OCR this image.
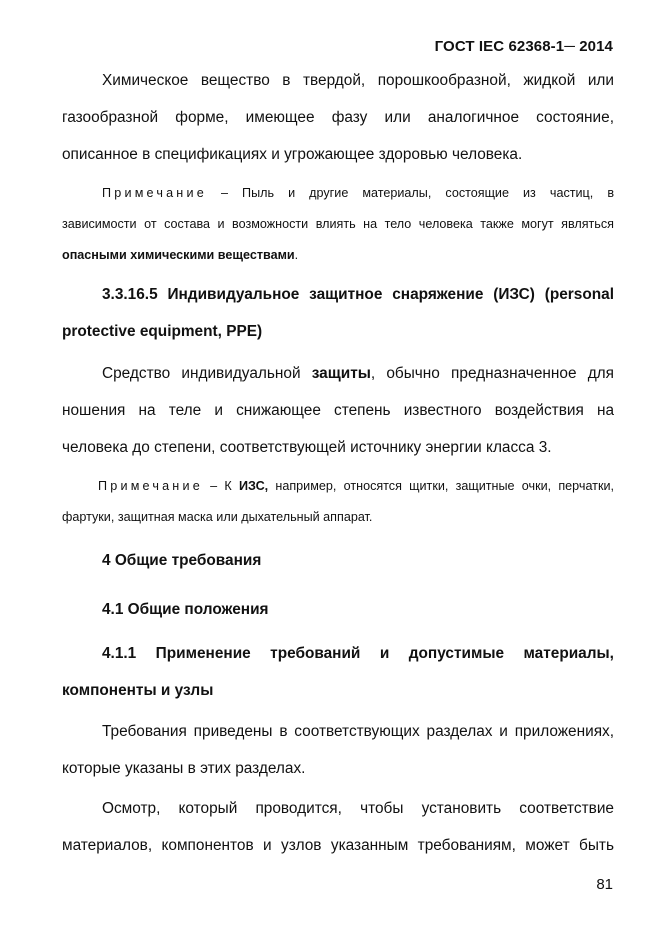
ГОСТ IEC 62368-1─ 2014
Химическое вещество в твердой, порошкообразной, жидкой или
газообразной форме, имеющее фазу или аналогичное состояние,
описанное в спецификациях и угрожающее здоровью человека.
Примечание – Пыль и другие материалы, состоящие из частиц, в
зависимости от состава и возможности влиять на тело человека также могут являться
опасными химическими веществами.
3.3.16.5 Индивидуальное защитное снаряжение (ИЗС) (personal
protective equipment, PPE)
Средство индивидуальной защиты, обычно предназначенное для
ношения на теле и снижающее степень известного воздействия на
человека до степени, соответствующей источнику энергии класса 3.
Примечание – К ИЗС, например, относятся щитки, защитные очки, перчатки,
фартуки, защитная маска или дыхательный аппарат.
4 Общие требования
4.1 Общие положения
4.1.1 Применение требований и допустимые материалы,
компоненты и узлы
Требования приведены в соответствующих разделах и приложениях,
которые указаны в этих разделах.
Осмотр, который проводится, чтобы установить соответствие
материалов, компонентов и узлов указанным требованиям, может быть
81
